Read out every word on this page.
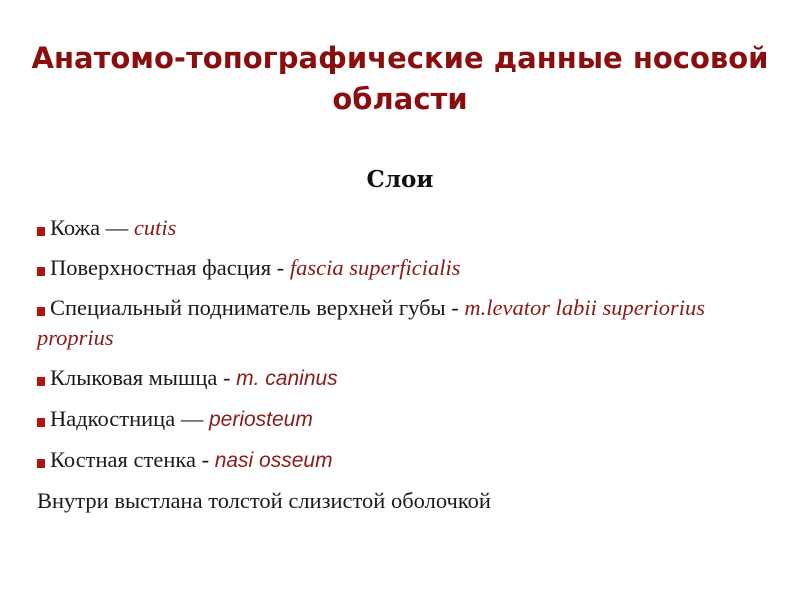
Анатомо-топографические данные носовой области
Слои

Кожа — cutis

Поверхностная фасция - fascia superficialis

Специальный подниматель верхней губы - m.levator labii superiorius proprius

Клыковая мышца - m. caninus

Надкостница — periosteum

Костная стенка - nasi osseum

Внутри выстлана толстой слизистой оболочкой
